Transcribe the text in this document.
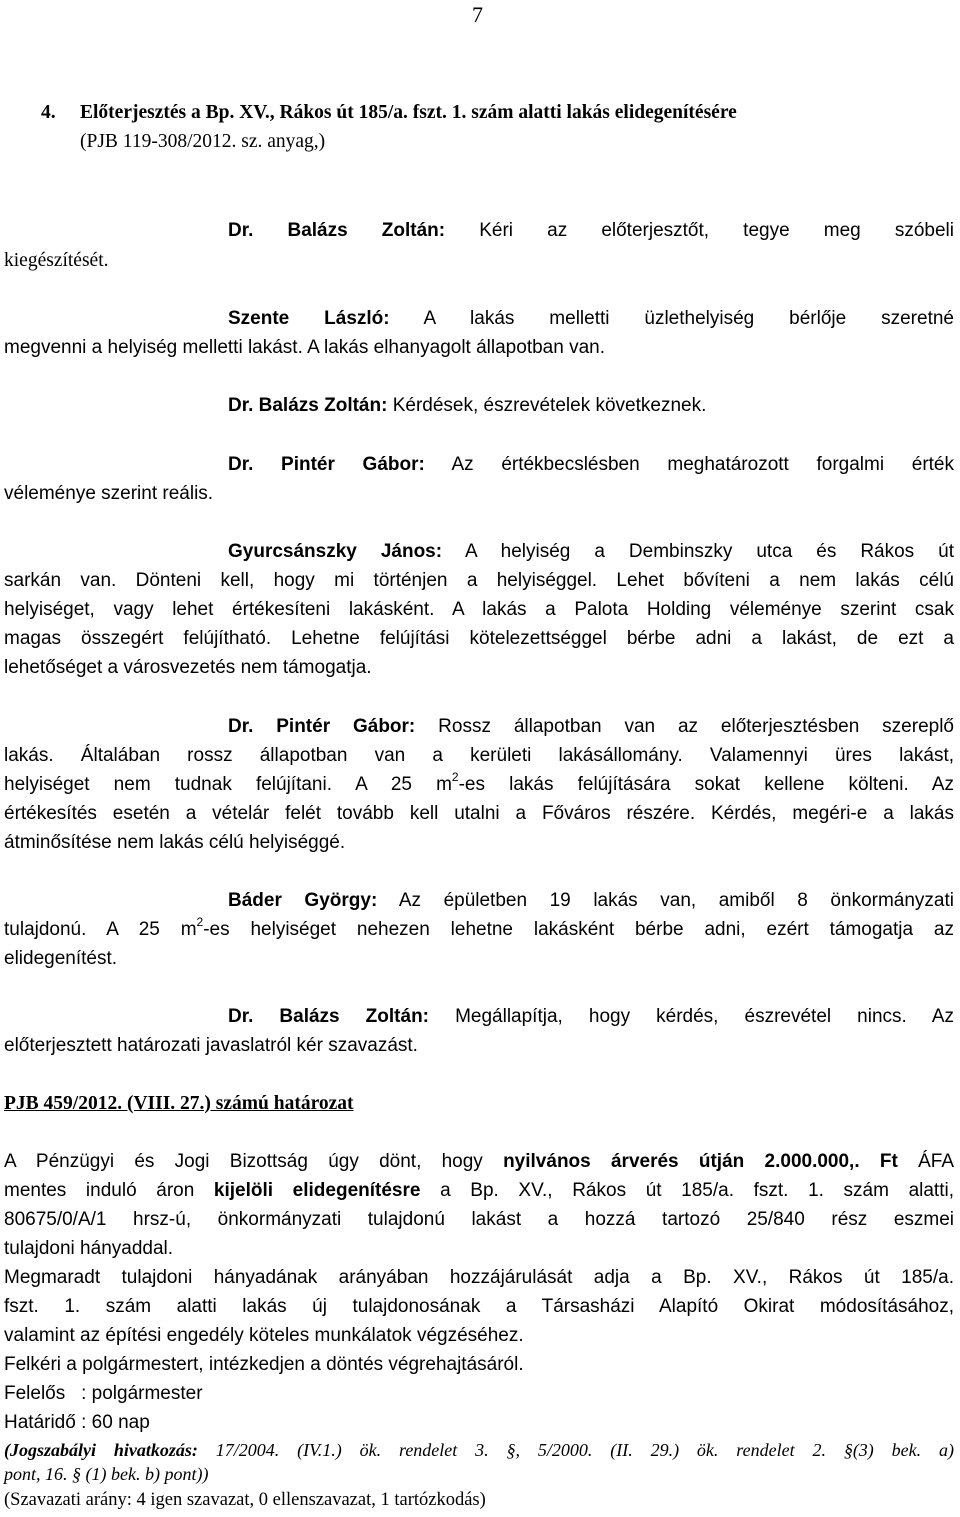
7
4. Előterjesztés a Bp. XV., Rákos út 185/a. fszt. 1. szám alatti lakás elidegenítésére
(PJB 119-308/2012. sz. anyag,)
Dr. Balázs Zoltán: Kéri az előterjesztőt, tegye meg szóbeli
kiegészítését.
Szente László: A lakás melletti üzlethelyiség bérlője szeretné
megvenni a helyiség melletti lakást. A lakás elhanyagolt állapotban van.
Dr. Balázs Zoltán: Kérdések, észrevételek következnek.
Dr. Pintér Gábor: Az értékbecslésben meghatározott forgalmi érték
véleménye szerint reális.
Gyurcsánszky János: A helyiség a Dembinszky utca és Rákos út
sarkán van. Dönteni kell, hogy mi történjen a helyiséggel. Lehet bővíteni a nem lakás célú
helyiséget, vagy lehet értékesíteni lakásként. A lakás a Palota Holding véleménye szerint csak
magas összegért felújítható. Lehetne felújítási kötelezettséggel bérbe adni a lakást, de ezt a
lehetőséget a városvezetés nem támogatja.
Dr. Pintér Gábor: Rossz állapotban van az előterjesztésben szereplő
lakás. Általában rossz állapotban van a kerületi lakásállomány. Valamennyi üres lakást,
helyiséget nem tudnak felújítani. A 25 $m^2-es$ lakás felújítására sokat kellene költeni. Az
értékesítés esetén a vételár felét tovább kell utalni a Főváros részére. Kérdés, megéri-e a lakás
átminősítése nem lakás célú helyiséggé.
Báder György: Az épületben 19 lakás van, amiből 8 önkormányzati
tulajdonú. A 25 $m^2-es$ helyiséget nehezen lehetne lakásként bérbe adni, ezért támogatja az
elidegenítést.
Dr. Balázs Zoltán: Megállapítja, hogy kérdés, észrevétel nincs. Az
előterjesztett határozati javaslatról kér szavazást.
PJB 459/2012. (VIII. 27.) számú határozat
A Pénzügyi és Jogi Bizottság úgy dönt, hogy nyilvános árverés útján 2.000.000,. Ft ÁFA
mentes induló áron kijelöli elidegenítésre a Bp. XV., Rákos út 185/a. fszt. 1. szám alatti,
80675/0/A/1 hrsz-ú, önkormányzati tulajdonú lakást a hozzá tartozó 25/840 rész eszmei
tulajdoni hányaddal.
Megmaradt tulajdoni hányadának arányában hozzájárulását adja a Bp. XV., Rákos út 185/a.
fszt. 1. szám alatti lakás új tulajdonosának a Társasházi Alapító Okirat módosításához,
valamint az építési engedély köteles munkálatok végzéséhez.
Felkéri a polgármestert, intézkedjen a döntés végrehajtásáról.
Felelős   : polgármester
Határidő : 60 nap
(Jogszabályi hivatkozás: 17/2004. (IV.1.) ök. rendelet 3. §, 5/2000. (II. 29.) ök. rendelet 2. §(3) bek. a)
pont, 16. § (1) bek. b) pont))
(Szavazati arány: 4 igen szavazat, 0 ellenszavazat, 1 tartózkodás)
